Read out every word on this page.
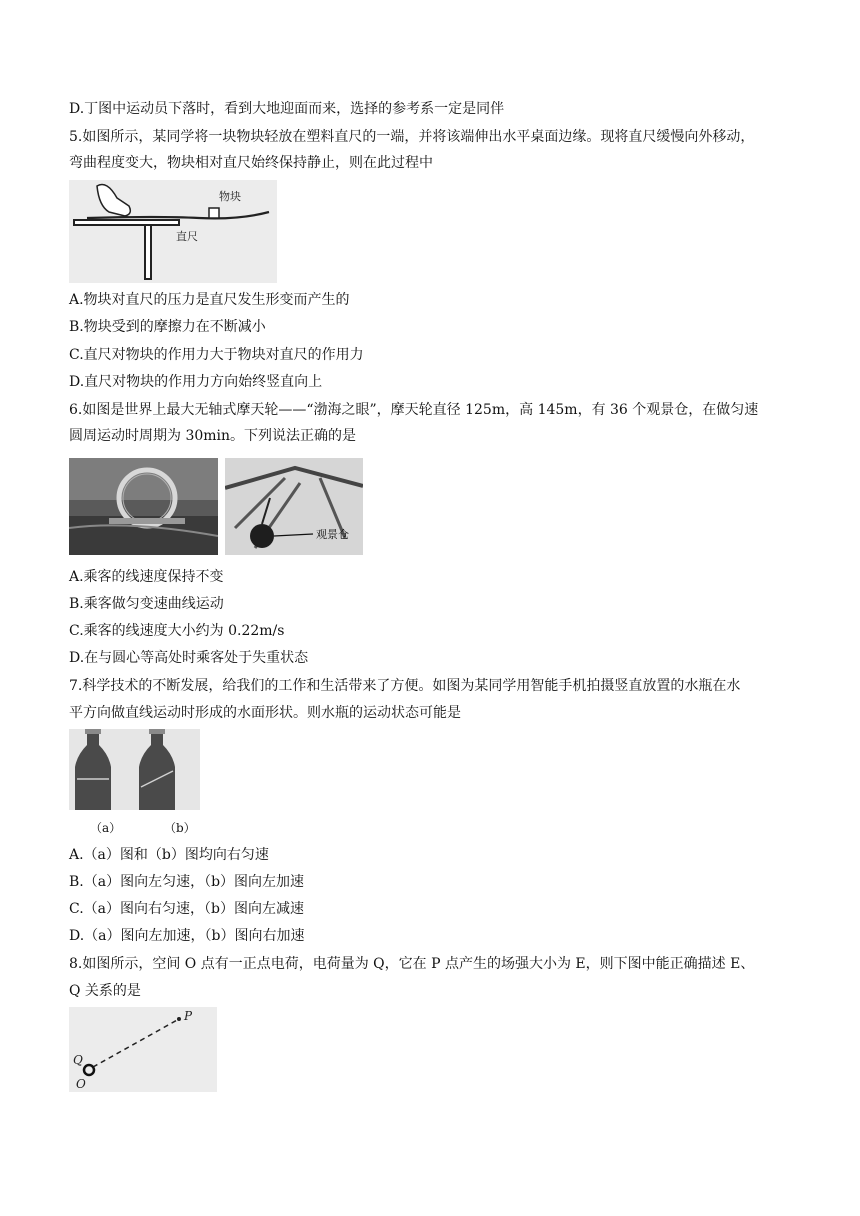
D.丁图中运动员下落时，看到大地迎面而来，选择的参考系一定是同伴
5.如图所示，某同学将一块物块轻放在塑料直尺的一端，并将该端伸出水平桌面边缘。现将直尺缓慢向外移动，
弯曲程度变大，物块相对直尺始终保持静止，则在此过程中
物块
直尺
A.物块对直尺的压力是直尺发生形变而产生的
B.物块受到的摩擦力在不断减小
C.直尺对物块的作用力大于物块对直尺的作用力
D.直尺对物块的作用力方向始终竖直向上
6.如图是世界上最大无轴式摩天轮——“渤海之眼”，摩天轮直径 125m，高 145m，有 36 个观景仓，在做匀速
圆周运动时周期为 30min。下列说法正确的是
观景仓
A.乘客的线速度保持不变
B.乘客做匀变速曲线运动
C.乘客的线速度大小约为 0.22m/s
D.在与圆心等高处时乘客处于失重状态
7.科学技术的不断发展，给我们的工作和生活带来了方便。如图为某同学用智能手机拍摄竖直放置的水瓶在水
平方向做直线运动时形成的水面形状。则水瓶的运动状态可能是
（a）	（b）
A.（a）图和（b）图均向右匀速
B.（a）图向左匀速，（b）图向左加速
C.（a）图向右匀速，（b）图向左减速
D.（a）图向左加速，（b）图向右加速
8.如图所示，空间 O 点有一正点电荷，电荷量为 Q，它在 P 点产生的场强大小为 E，则下图中能正确描述 E、
Q 关系的是
P
Q
O
